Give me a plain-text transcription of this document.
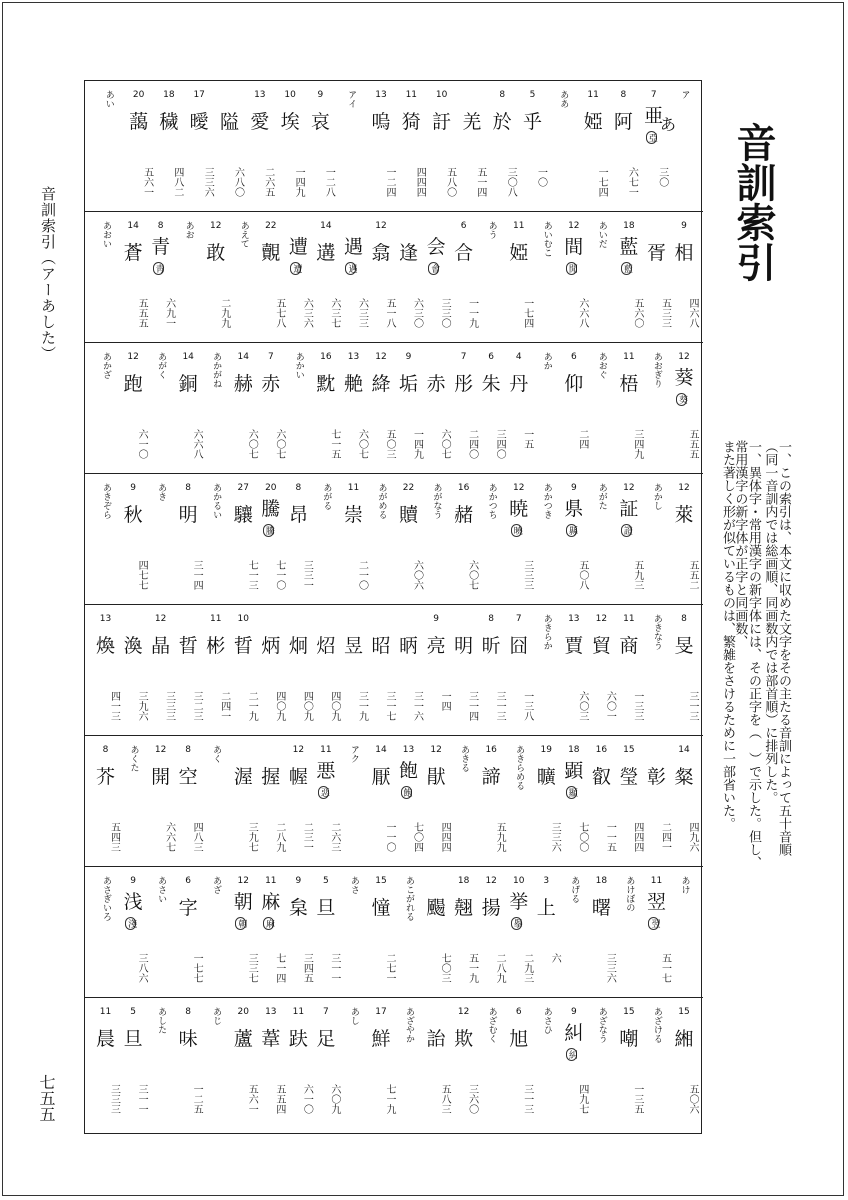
音訓索引（アーあした）
七五五
あ
ア
7
亜
亞
三〇
8
阿
六七一
11
婭
一七四
ああ
5
乎
一〇
8
於
三〇八
羌
五一四
10
訏
五八〇
11
猗
四四四
13
嗚
一二四
アイ
9
哀
一二八
10
埃
一四九
13
愛
二六五
隘
六八〇
17
曖
三三六
18
穢
四八二
20
藹
五六一
あい
9
相
四六八
胥
五三三
18
藍
藍
五六〇
あいだ
12
間
閒
六六八
あいむこ
11
婭
一七四
あう
6
合
一一九
会
會
三三〇
逢
六三〇
12
翕
五一八
遇
遇
六三三
14
遘
六三七
遭
遭
六三六
22
覿
五七八
あえて
12
敢
二九九
あお
8
青
靑
六九一
14
蒼
五五五
あおい
12
葵
葵
五五五
あおぎり
11
梧
三四九
あおぐ
6
仰
二四
あか
4
丹
一五
6
朱
三四〇
7
彤
二四〇
赤
六〇七
9
垢
一四九
12
絳
五〇三
13
艴
六〇七
16
黕
七一五
あかい
7
赤
六〇七
14
赫
六〇七
あかがね
14
銅
六六八
あがく
12
跑
六一〇
あかざ
12
萊
五五二
あかし
12
証
證
五九三
あがた
9
県
縣
五〇八
あかつき
12
暁
曉
三三三
あかつち
16
赭
六〇七
あがなう
22
贖
六〇六
あがめる
11
崇
二一〇
あがる
8
昂
三三一
20
騰
騰
七一〇
27
驤
七一三
あかるい
8
明
三一四
あき
9
秋
四七七
あきぞら
8
旻
三一三
あきなう
11
商
一三三
12
貿
六〇一
13
賈
六〇三
あきらか
7
囧
一三八
8
昕
三一三
明
三一四
9
亮
一四
昞
三一六
昭
三一七
昱
三一九
炤
四〇九
炯
四〇九
炳
四〇九
10
晢
二一九
11
彬
二四一
晢
三二三
12
晶
三三三
渙
三九六
13
煥
四一三
14
粲
四九六
彰
二四一
15
瑩
四四四
16
叡
一一五
18
顕
顯
七〇〇
19
曠
三三六
あきらめる
16
諦
五九九
あきる
12
猒
四四四
13
飽
飽
七〇四
14
厭
一一〇
アク
11
悪
惡
二六三
12
幄
二三一
握
二八九
渥
三九七
あく
8
空
四八三
12
開
六六七
あくた
8
芥
五四三
あけ
11
翌
翌
五一七
あけぼの
18
曙
三三六
あげる
3
上
六
10
挙
擧
二九三
12
揚
二八九
18
翹
五一九
颺
七〇三
あこがれる
15
憧
二七一
あさ
5
旦
三一一
9
枲
三四五
11
麻
麻
七一四
12
朝
朝
三三七
あざ
6
字
一七七
あさい
9
浅
淺
三八六
あさぎいろ
15
緗
五〇六
あざける
15
嘲
一三五
あざなう
9
糾
糾
四九七
あさひ
6
旭
三一三
あざむく
12
欺
三六〇
詒
五八三
あざやか
17
鮮
七一九
あし
7
足
六〇九
11
趺
六一〇
13
葦
五五四
20
蘆
五六一
あじ
8
味
一二五
あした
5
旦
三一一
11
晨
三三三
音訓索引
一、この索引は、本文に収めた文字をその主たる音訓によって五十音順（同一音訓内では総画順、同画数内では部首順）に排列した。
一、異体字・常用漢字の新字体には、その正字を（　）で示した。但し、常用漢字の新字体が正字と同画数、
また著しく形が似ているものは、繁雑をさけるために一部省いた。
